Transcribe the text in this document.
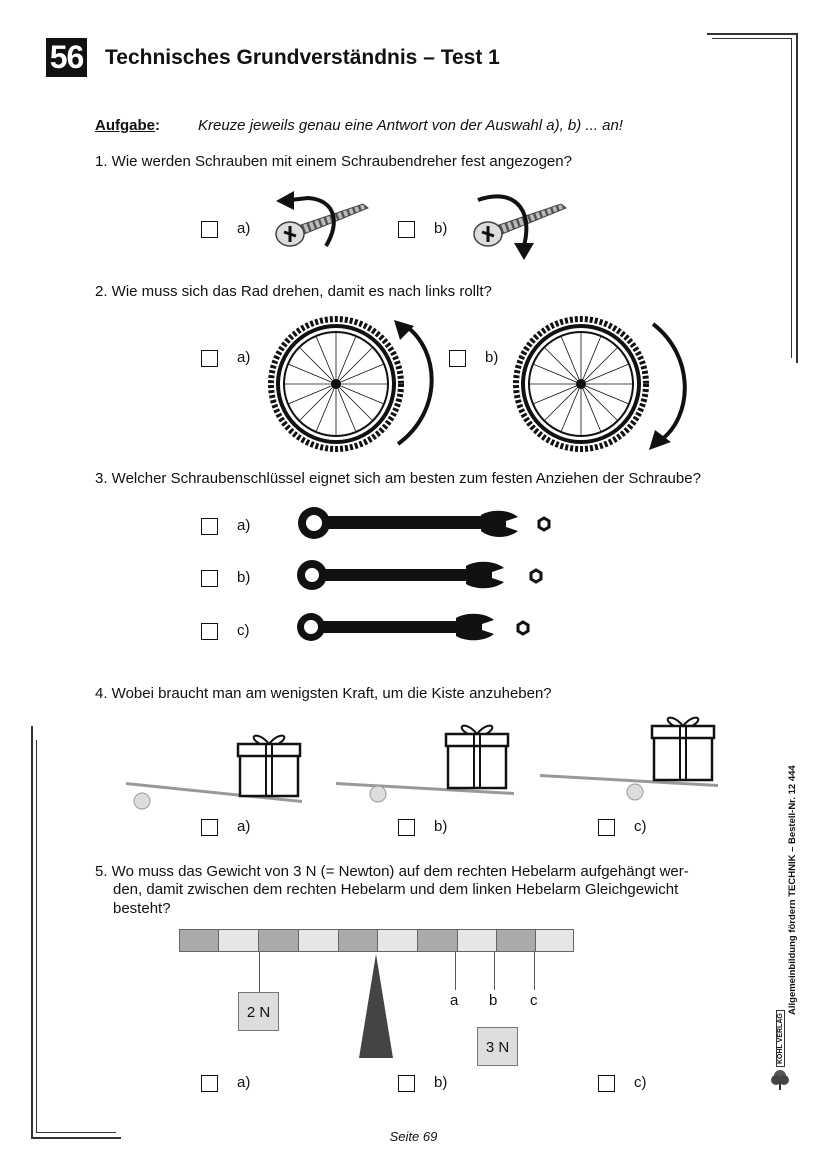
56 Technisches Grundverständnis – Test 1
Aufgabe :	Kreuze jeweils genau eine Antwort von der Auswahl a), b) ... an!
1. Wie werden Schrauben mit einem Schraubendreher fest angezogen?
a)	b)
2. Wie muss sich das Rad drehen, damit es nach links rollt?
a)	b)
3. Welcher Schraubenschlüssel eignet sich am besten zum festen Anziehen der Schraube?
a)
b)
c)
4. Wobei braucht man am wenigsten Kraft, um die Kiste anzuheben?
a)	b)	c)
5. Wo muss das Gewicht von 3 N (= Newton) auf dem rechten Hebelarm aufgehängt wer-
den, damit zwischen dem rechten Hebelarm und dem linken Hebelarm Gleichgewicht
besteht?
2 N
a b c
3 N
a)	b)	c)
Allgemeinbildung fördern TECHNIK – Bestell-Nr. 12 444
KOHL VERLAG
Seite 69
